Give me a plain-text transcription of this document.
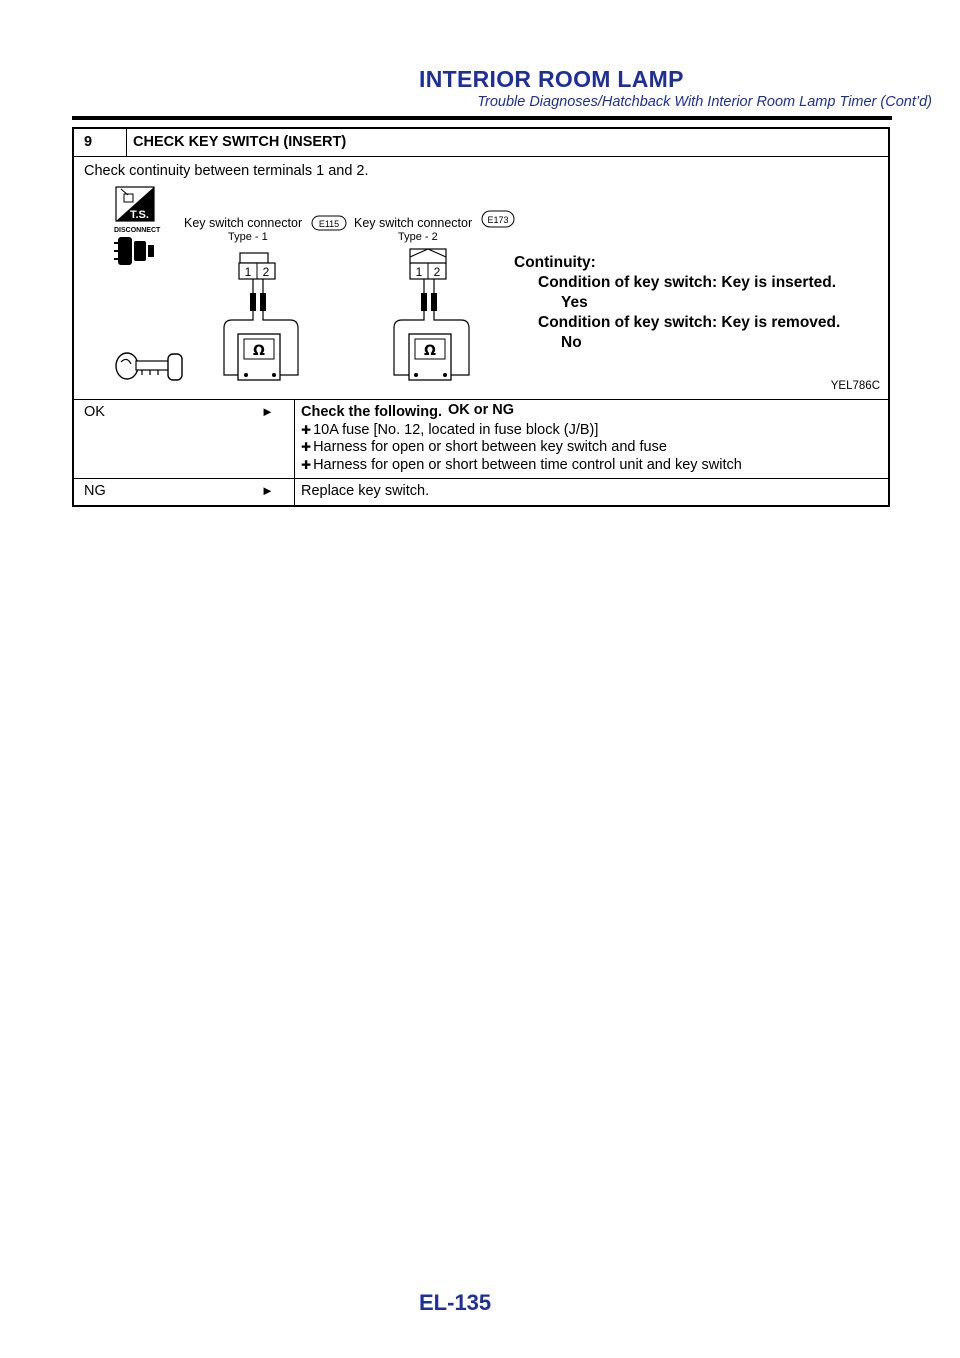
INTERIOR ROOM LAMP
Trouble Diagnoses/Hatchback With Interior Room Lamp Timer (Cont’d)
9	CHECK KEY SWITCH (INSERT)
Check continuity between terminals 1 and 2.
T.S.
DISCONNECT
Key switch connector E115
Type - 1
1 2
Ω
Key switch connector E173
Type - 2
1 2
Ω
Continuity:
Condition of key switch: Key is inserted.
Yes
Condition of key switch: Key is removed.
No
YEL786C
OK or NG
OK	► Check the following.
✚ 10A fuse [No. 12, located in fuse block (J/B)]
✚ Harness for open or short between key switch and fuse
✚ Harness for open or short between time control unit and key switch
NG	► Replace key switch.
EL-135
